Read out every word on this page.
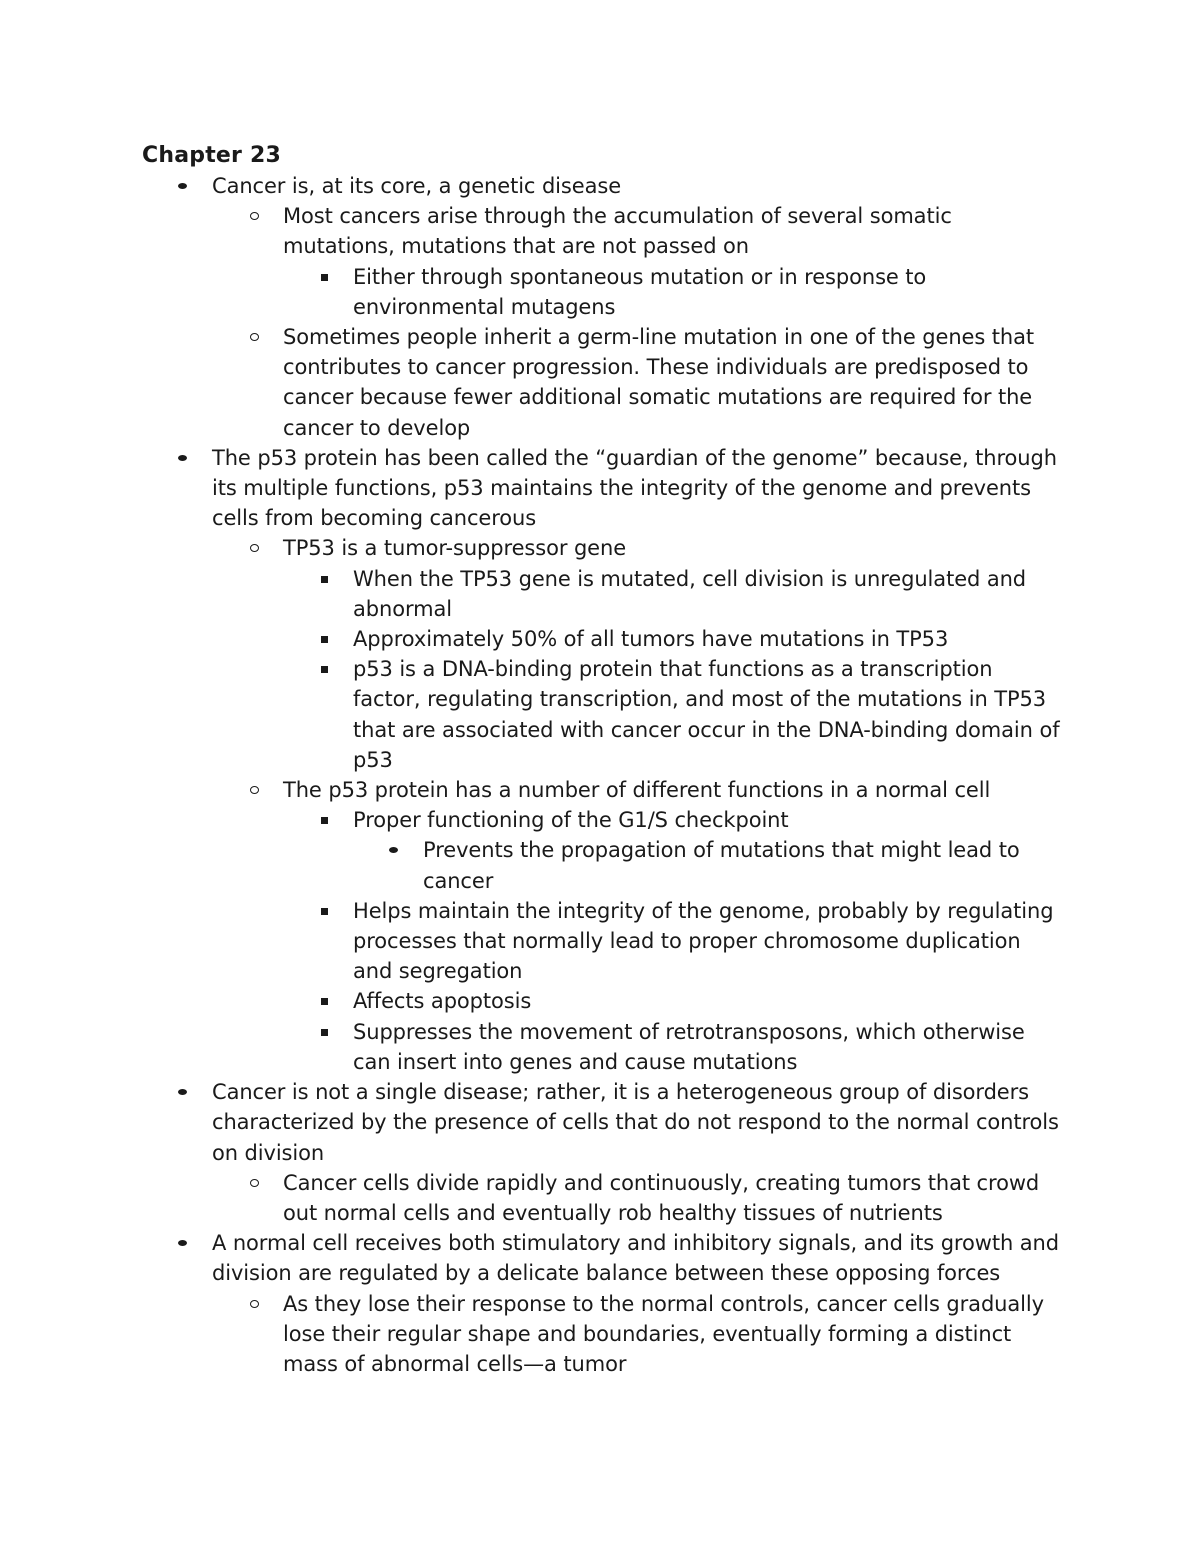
Chapter 23
Cancer is, at its core, a genetic disease
Most cancers arise through the accumulation of several somatic mutations, mutations that are not passed on
Either through spontaneous mutation or in response to environmental mutagens
Sometimes people inherit a germ-line mutation in one of the genes that contributes to cancer progression. These individuals are predisposed to cancer because fewer additional somatic mutations are required for the cancer to develop
The p53 protein has been called the “guardian of the genome” because, through its multiple functions, p53 maintains the integrity of the genome and prevents cells from becoming cancerous
TP53 is a tumor-suppressor gene
When the TP53 gene is mutated, cell division is unregulated and abnormal
Approximately 50% of all tumors have mutations in TP53
p53 is a DNA-binding protein that functions as a transcription factor, regulating transcription, and most of the mutations in TP53 that are associated with cancer occur in the DNA-binding domain of p53
The p53 protein has a number of different functions in a normal cell
Proper functioning of the G1/S checkpoint
Prevents the propagation of mutations that might lead to cancer
Helps maintain the integrity of the genome, probably by regulating processes that normally lead to proper chromosome duplication and segregation
Affects apoptosis
Suppresses the movement of retrotransposons, which otherwise can insert into genes and cause mutations
Cancer is not a single disease; rather, it is a heterogeneous group of disorders characterized by the presence of cells that do not respond to the normal controls on division
Cancer cells divide rapidly and continuously, creating tumors that crowd out normal cells and eventually rob healthy tissues of nutrients
A normal cell receives both stimulatory and inhibitory signals, and its growth and division are regulated by a delicate balance between these opposing forces
As they lose their response to the normal controls, cancer cells gradually lose their regular shape and boundaries, eventually forming a distinct mass of abnormal cells—a tumor
